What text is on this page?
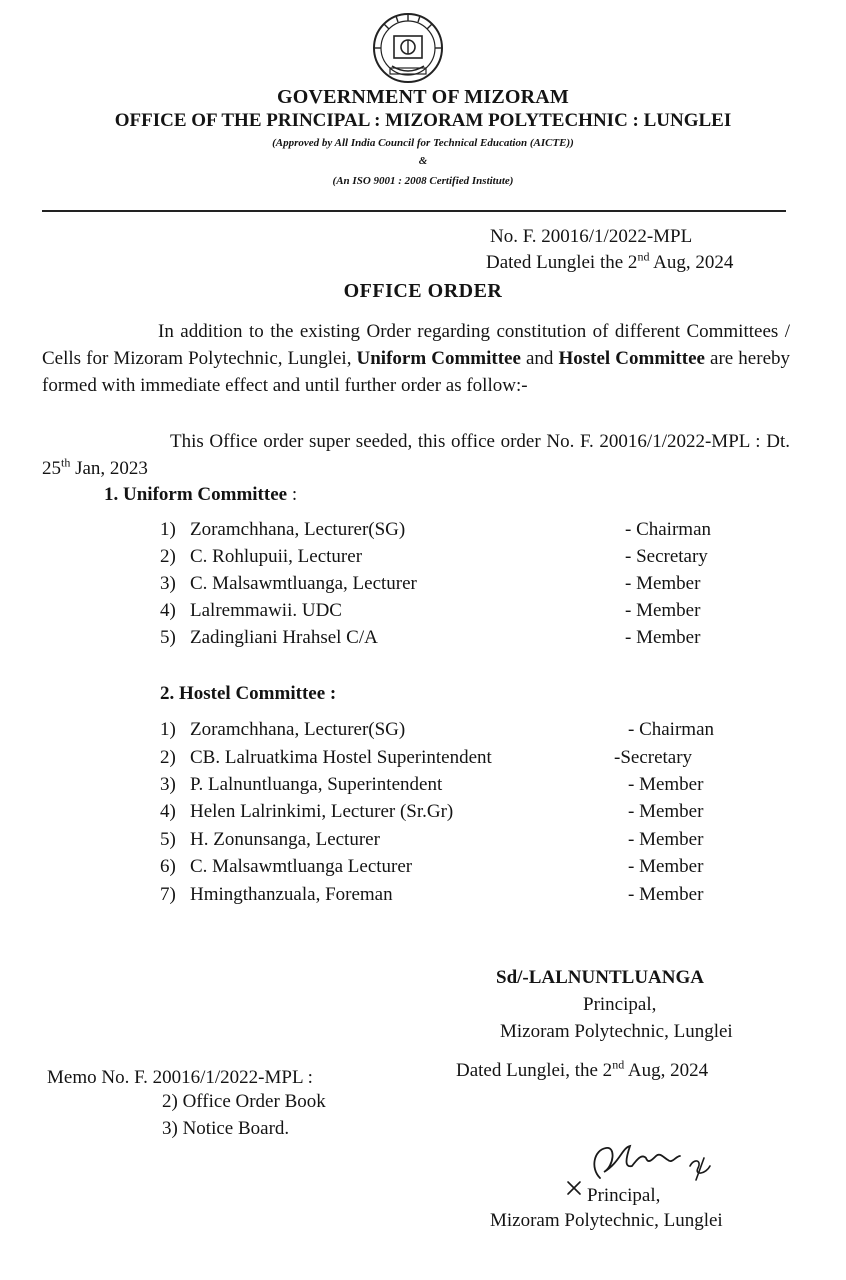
GOVERNMENT OF MIZORAM
OFFICE OF THE PRINCIPAL : MIZORAM POLYTECHNIC : LUNGLEI
(Approved by All India Council for Technical Education (AICTE))
&
(An ISO 9001 : 2008 Certified Institute)
No. F. 20016/1/2022-MPL
Dated Lunglei the 2nd Aug, 2024
OFFICE ORDER
In addition to the existing Order regarding constitution of different Committees / Cells for Mizoram Polytechnic, Lunglei, Uniform Committee and Hostel Committee are hereby formed with immediate effect and until further order as follow:-
This Office order super seeded, this office order No. F. 20016/1/2022-MPL : Dt. 25th Jan, 2023
1. Uniform Committee :
1) Zoramchhana, Lecturer(SG)	- Chairman
2) C. Rohlupuii, Lecturer	- Secretary
3) C. Malsawmtluanga, Lecturer	- Member
4) Lalremmawii. UDC	- Member
5) Zadingliani Hrahsel C/A	- Member
2. Hostel Committee :
1) Zoramchhana, Lecturer(SG)	- Chairman
2) CB. Lalruatkima Hostel Superintendent	-Secretary
3) P. Lalnuntluanga, Superintendent	- Member
4) Helen Lalrinkimi, Lecturer (Sr.Gr)	- Member
5) H. Zonunsanga, Lecturer	- Member
6) C. Malsawmtluanga Lecturer	- Member
7) Hmingthanzuala, Foreman	- Member
Sd/-LALNUNTLUANGA
Principal,
Mizoram Polytechnic, Lunglei
Memo No. F. 20016/1/2022-MPL :	Dated Lunglei, the 2nd Aug, 2024
2) Office Order Book
3) Notice Board.
Principal,
Mizoram Polytechnic, Lunglei
